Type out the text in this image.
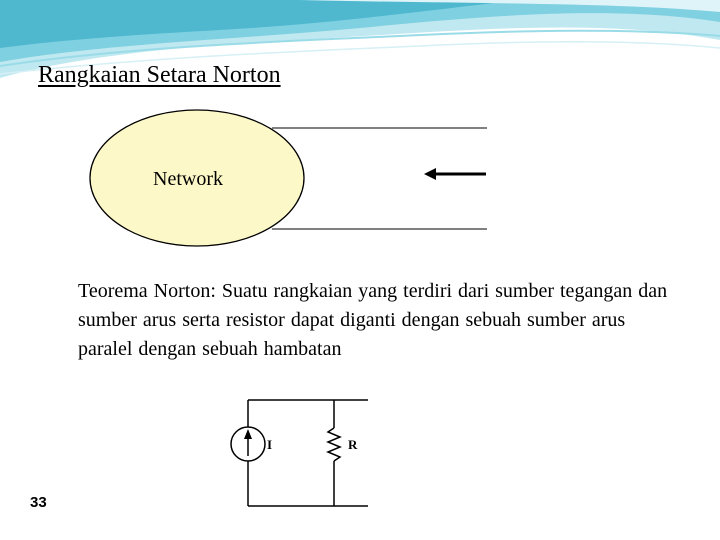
Rangkaian Setara Norton
Network
I	R
Teorema Norton: Suatu rangkaian yang terdiri dari sumber tegangan dan sumber arus serta resistor dapat diganti dengan sebuah sumber arus paralel dengan sebuah hambatan
33
